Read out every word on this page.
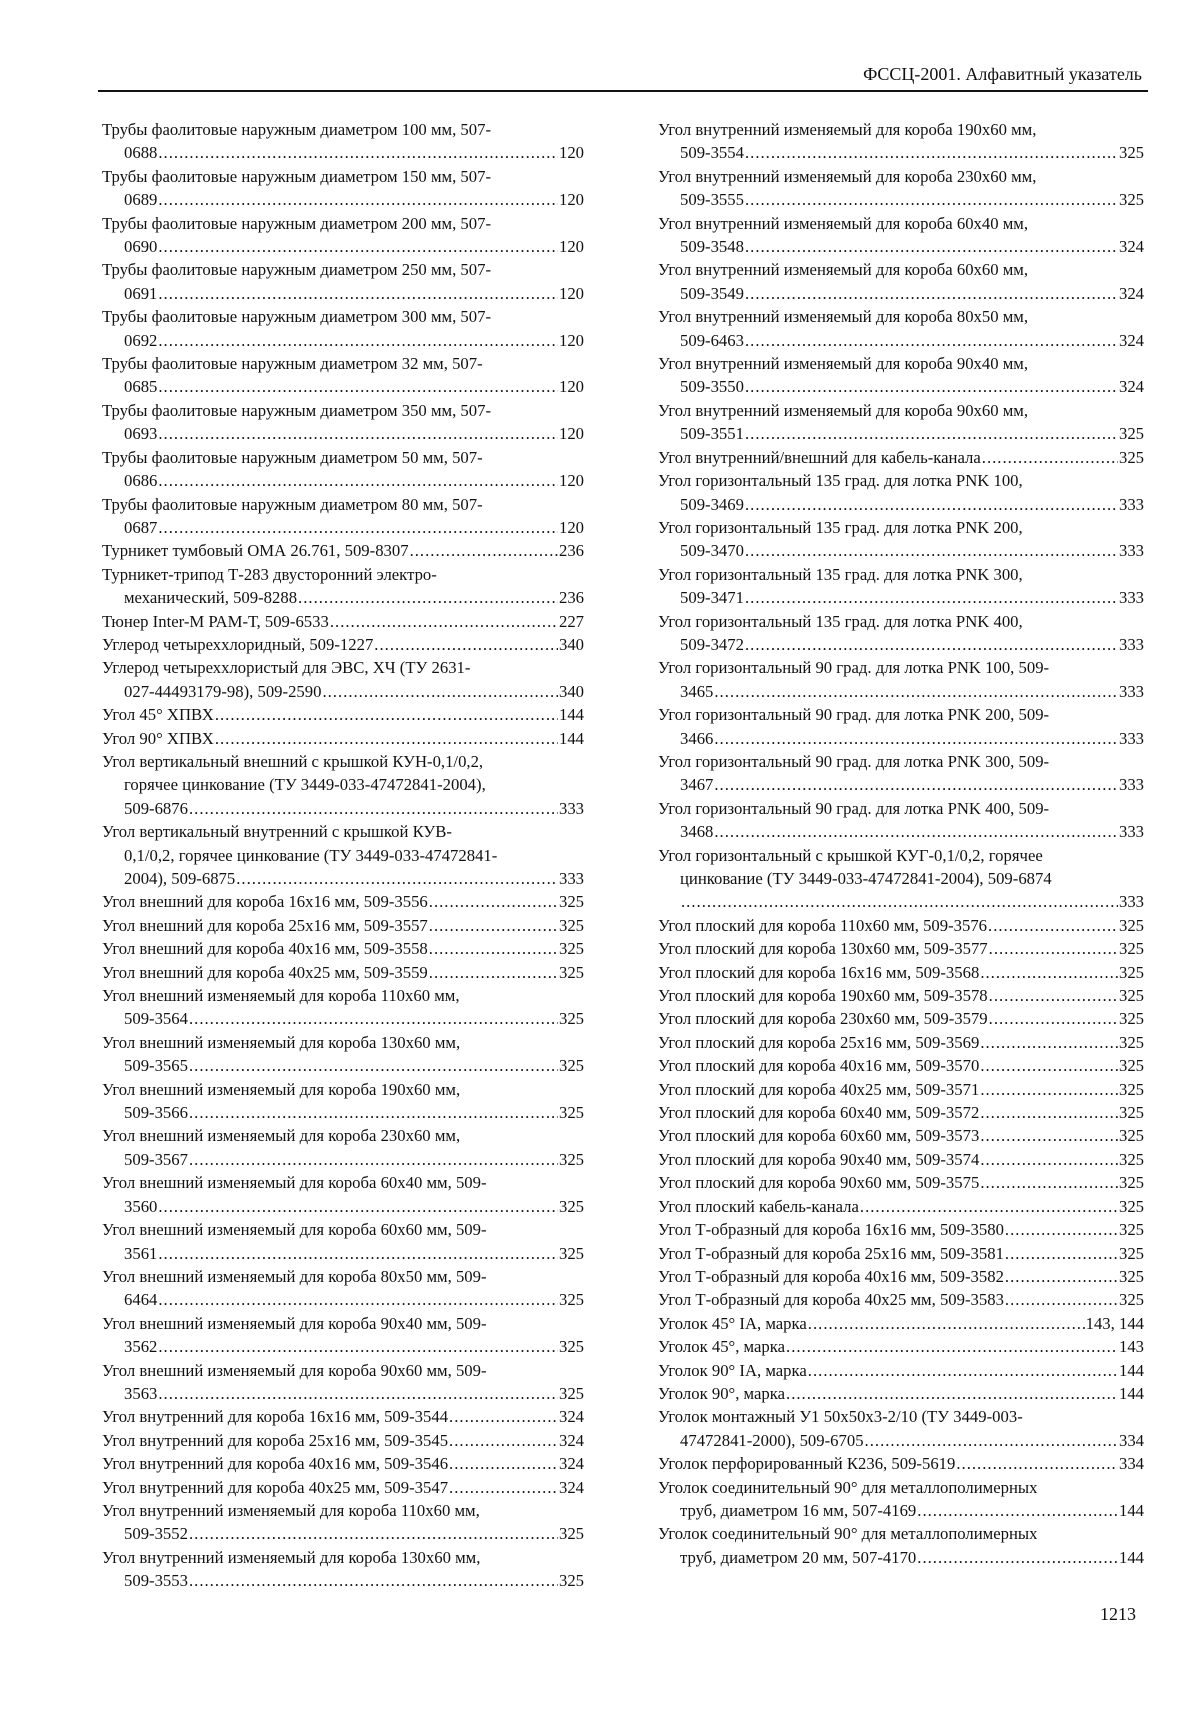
ФССЦ-2001. Алфавитный указатель
Трубы фаолитовые наружным диаметром 100 мм, 507-
0688 .....	120
Трубы фаолитовые наружным диаметром 150 мм, 507-
0689 .....	120
Трубы фаолитовые наружным диаметром 200 мм, 507-
0690 .....	120
Трубы фаолитовые наружным диаметром 250 мм, 507-
0691 .....	120
Трубы фаолитовые наружным диаметром 300 мм, 507-
0692 .....	120
Трубы фаолитовые наружным диаметром 32 мм, 507-
0685 .....	120
Трубы фаолитовые наружным диаметром 350 мм, 507-
0693 .....	120
Трубы фаолитовые наружным диаметром 50 мм, 507-
0686 .....	120
Трубы фаолитовые наружным диаметром 80 мм, 507-
0687 .....	120
Турникет тумбовый ОМА 26.761, 509-8307 .....	236
Турникет-трипод Т-283 двусторонний электро-
механический, 509-8288 .....	236
Тюнер Inter-M РАМ-Т, 509-6533 .....	227
Углерод четыреххлоридный, 509-1227 .....	340
Углерод четыреххлористый для ЭВС, ХЧ (ТУ 2631-
027-44493179-98), 509-2590 .....	340
Угол 45° ХПВХ .....	144
Угол 90° ХПВХ .....	144
Угол вертикальный внешний с крышкой КУН-0,1/0,2,
горячее цинкование (ТУ 3449-033-47472841-2004),
509-6876 .....	333
Угол вертикальный внутренний с крышкой КУВ-
0,1/0,2, горячее цинкование (ТУ 3449-033-47472841-
2004), 509-6875 .....	333
Угол внешний для короба 16х16 мм, 509-3556 .....	325
Угол внешний для короба 25х16 мм, 509-3557 .....	325
Угол внешний для короба 40х16 мм, 509-3558 .....	325
Угол внешний для короба 40х25 мм, 509-3559 .....	325
Угол внешний изменяемый для короба 110х60 мм,
509-3564 .....	325
Угол внешний изменяемый для короба 130х60 мм,
509-3565 .....	325
Угол внешний изменяемый для короба 190х60 мм,
509-3566 .....	325
Угол внешний изменяемый для короба 230х60 мм,
509-3567 .....	325
Угол внешний изменяемый для короба 60х40 мм, 509-
3560 .....	325
Угол внешний изменяемый для короба 60х60 мм, 509-
3561 .....	325
Угол внешний изменяемый для короба 80х50 мм, 509-
6464 .....	325
Угол внешний изменяемый для короба 90х40 мм, 509-
3562 .....	325
Угол внешний изменяемый для короба 90х60 мм, 509-
3563 .....	325
Угол внутренний для короба 16х16 мм, 509-3544 .....	324
Угол внутренний для короба 25х16 мм, 509-3545 .....	324
Угол внутренний для короба 40х16 мм, 509-3546 .....	324
Угол внутренний для короба 40х25 мм, 509-3547 .....	324
Угол внутренний изменяемый для короба 110х60 мм,
509-3552 .....	325
Угол внутренний изменяемый для короба 130х60 мм,
509-3553 .....	325
Угол внутренний изменяемый для короба 190х60 мм,
509-3554 .....	325
Угол внутренний изменяемый для короба 230х60 мм,
509-3555 .....	325
Угол внутренний изменяемый для короба 60х40 мм,
509-3548 .....	324
Угол внутренний изменяемый для короба 60х60 мм,
509-3549 .....	324
Угол внутренний изменяемый для короба 80х50 мм,
509-6463 .....	324
Угол внутренний изменяемый для короба 90х40 мм,
509-3550 .....	324
Угол внутренний изменяемый для короба 90х60 мм,
509-3551 .....	325
Угол внутренний/внешний для кабель-канала .....	325
Угол горизонтальный 135 град. для лотка PNK 100,
509-3469 .....	333
Угол горизонтальный 135 град. для лотка PNK 200,
509-3470 .....	333
Угол горизонтальный 135 град. для лотка PNK 300,
509-3471 .....	333
Угол горизонтальный 135 град. для лотка PNK 400,
509-3472 .....	333
Угол горизонтальный 90 град. для лотка PNK 100, 509-
3465 .....	333
Угол горизонтальный 90 град. для лотка PNK 200, 509-
3466 .....	333
Угол горизонтальный 90 град. для лотка PNK 300, 509-
3467 .....	333
Угол горизонтальный 90 град. для лотка PNK 400, 509-
3468 .....	333
Угол горизонтальный с крышкой КУГ-0,1/0,2, горячее
цинкование (ТУ 3449-033-47472841-2004), 509-6874
.....
333
Угол плоский для короба 110х60 мм, 509-3576 .....	325
Угол плоский для короба 130х60 мм, 509-3577 .....	325
Угол плоский для короба 16х16 мм, 509-3568 .....	325
Угол плоский для короба 190х60 мм, 509-3578 .....	325
Угол плоский для короба 230х60 мм, 509-3579 .....	325
Угол плоский для короба 25х16 мм, 509-3569 .....	325
Угол плоский для короба 40х16 мм, 509-3570 .....	325
Угол плоский для короба 40х25 мм, 509-3571 .....	325
Угол плоский для короба 60х40 мм, 509-3572 .....	325
Угол плоский для короба 60х60 мм, 509-3573 .....	325
Угол плоский для короба 90х40 мм, 509-3574 .....	325
Угол плоский для короба 90х60 мм, 509-3575 .....	325
Угол плоский кабель-канала .....	325
Угол Т-образный для короба 16х16 мм, 509-3580 .....	325
Угол Т-образный для короба 25х16 мм, 509-3581 .....	325
Угол Т-образный для короба 40х16 мм, 509-3582 .....	325
Угол Т-образный для короба 40х25 мм, 509-3583 .....	325
Уголок 45° IA, марка .....	143, 144
Уголок 45°, марка .....	143
Уголок 90° IA, марка .....	144
Уголок 90°, марка .....	144
Уголок монтажный У1 50х50х3-2/10 (ТУ 3449-003-
47472841-2000), 509-6705 .....	334
Уголок перфорированный К236, 509-5619 .....	334
Уголок соединительный 90° для металлополимерных
труб, диаметром 16 мм, 507-4169 .....	144
Уголок соединительный 90° для металлополимерных
труб, диаметром 20 мм, 507-4170 .....	144
1213
